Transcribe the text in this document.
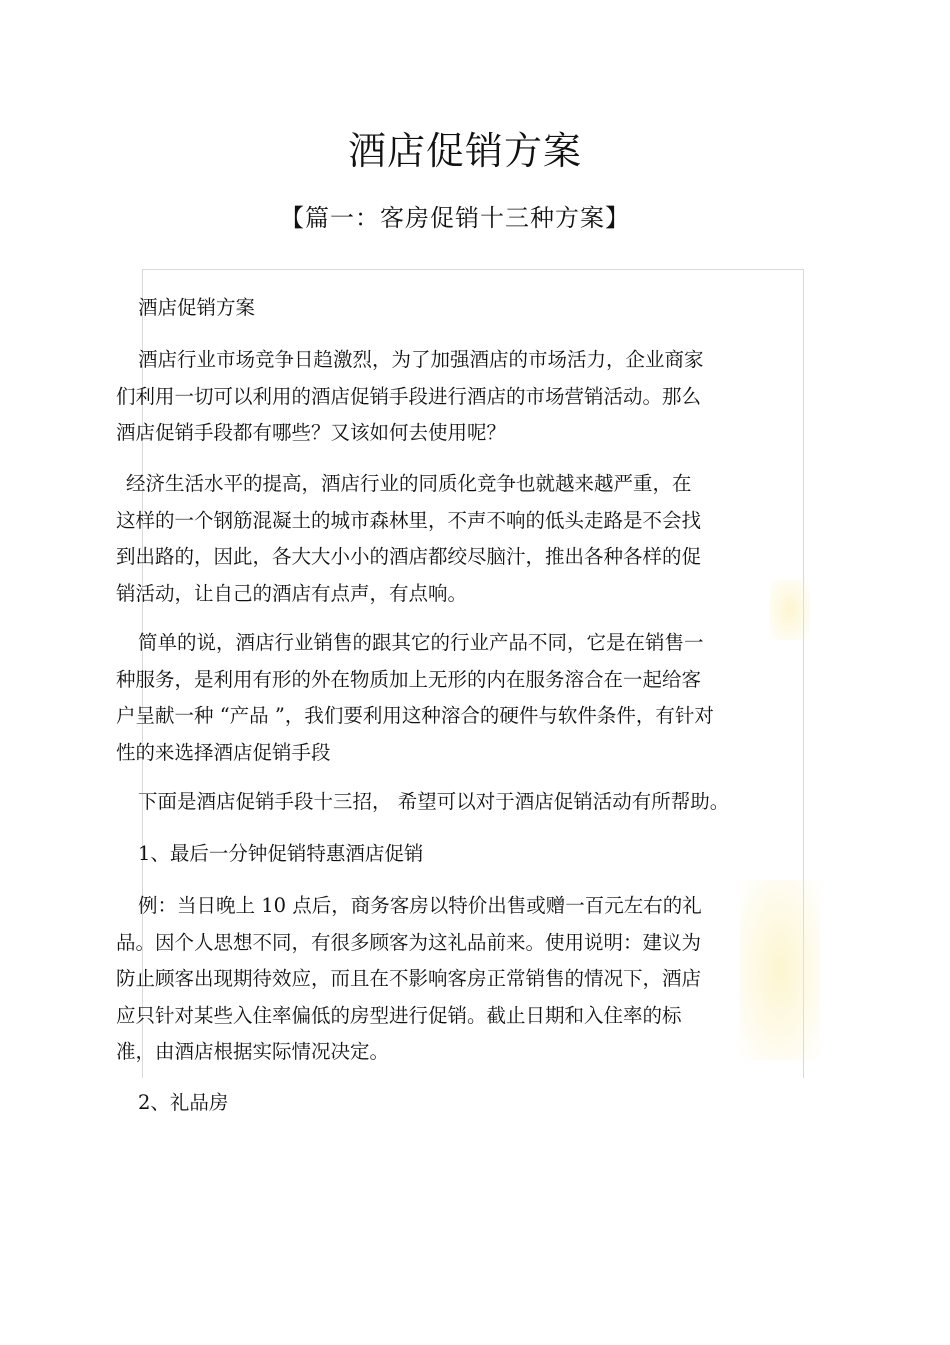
酒店促销方案
【篇一：客房促销十三种方案】
酒店促销方案
酒店行业市场竞争日趋激烈，为了加强酒店的市场活力，企业商家
们利用一切可以利用的酒店促销手段进行酒店的市场营销活动。那么
酒店促销手段都有哪些？又该如何去使用呢？
经济生活水平的提高，酒店行业的同质化竞争也就越来越严重，在
这样的一个钢筋混凝土的城市森林里，不声不响的低头走路是不会找
到出路的，因此，各大大小小的酒店都绞尽脑汁，推出各种各样的促
销活动，让自己的酒店有点声，有点响。
简单的说，酒店行业销售的跟其它的行业产品不同，它是在销售一
种服务，是利用有形的外在物质加上无形的内在服务溶合在一起给客
户呈献一种 “产品 ”，我们要利用这种溶合的硬件与软件条件，有针对
性的来选择酒店促销手段
下面是酒店促销手段十三招， 希望可以对于酒店促销活动有所帮助。
1、最后一分钟促销特惠酒店促销
例：当日晚上 10 点后，商务客房以特价出售或赠一百元左右的礼
品。因个人思想不同，有很多顾客为这礼品前来。使用说明：建议为
防止顾客出现期待效应，而且在不影响客房正常销售的情况下，酒店
应只针对某些入住率偏低的房型进行促销。截止日期和入住率的标
准，由酒店根据实际情况决定。
2、礼品房
